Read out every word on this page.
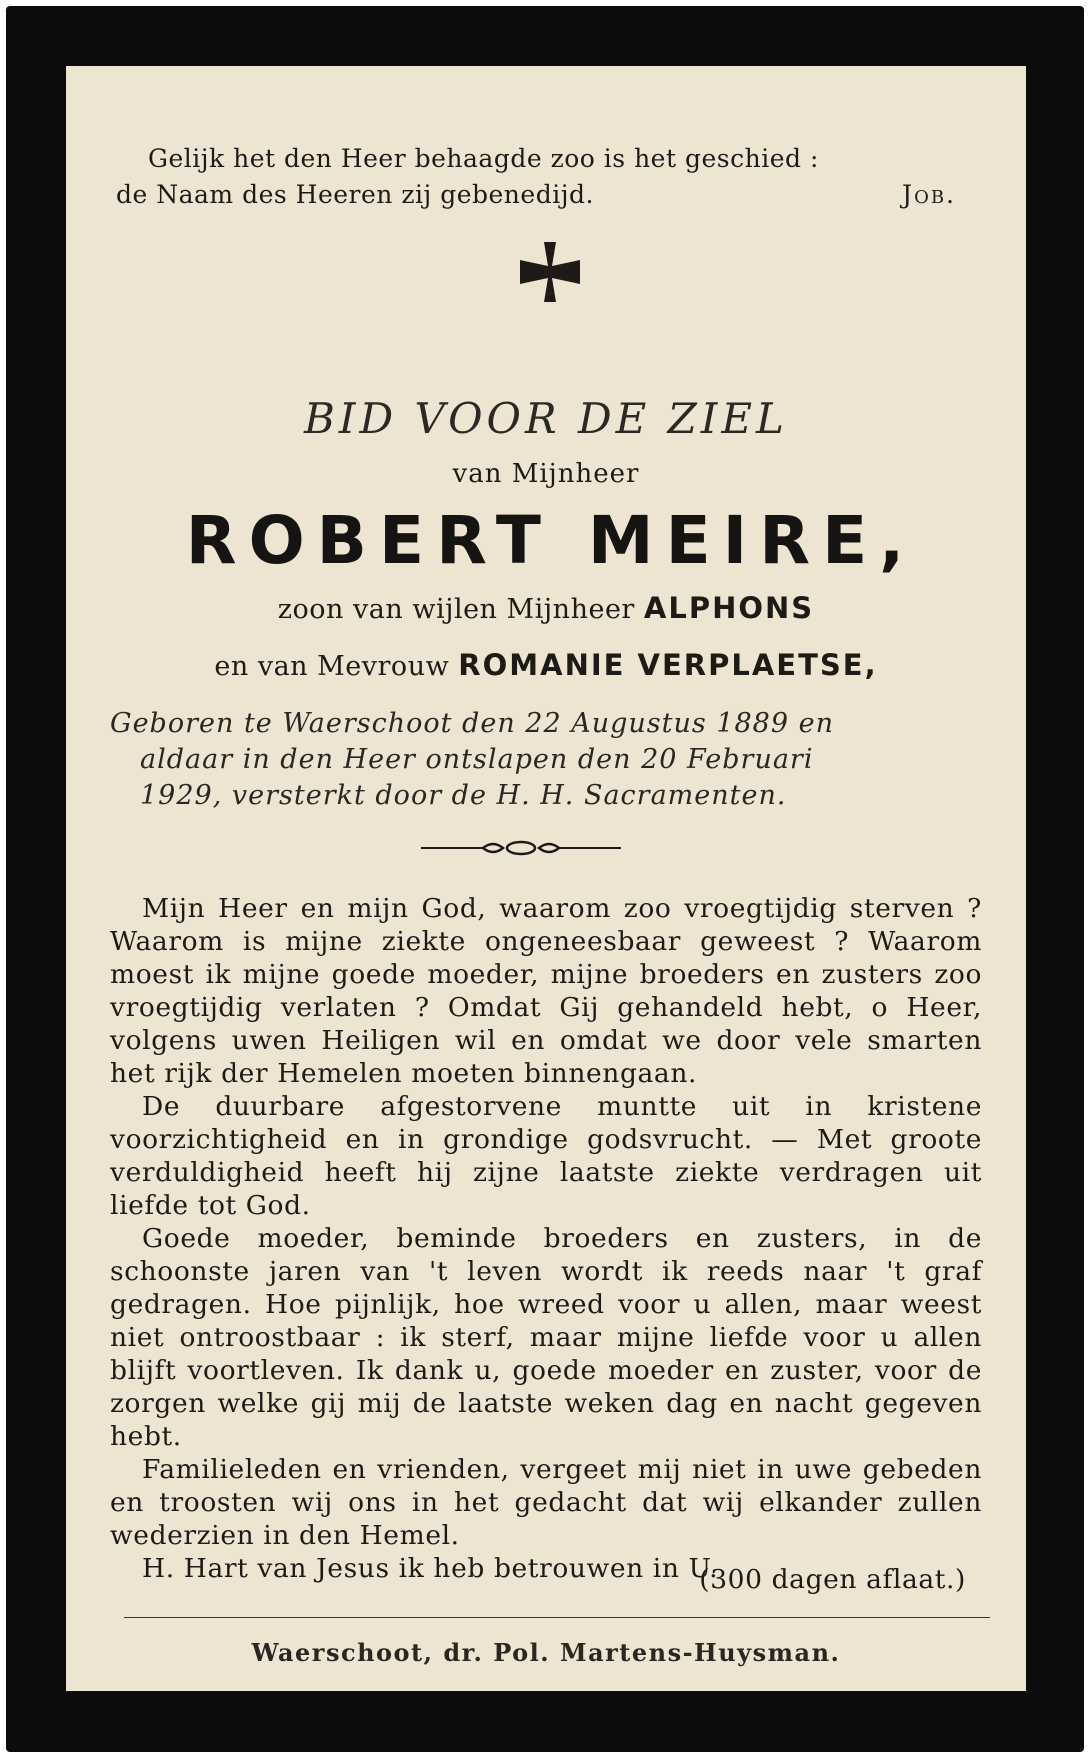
Gelijk het den Heer behaagde zoo is het geschied :
de Naam des Heeren zij gebenedijd.	Job.
BID VOOR DE ZIEL
van Mijnheer
ROBERT MEIRE,
zoon van wijlen Mijnheer ALPHONS
en van Mevrouw ROMANIE VERPLAETSE,
Geboren te Waerschoot den 22 Augustus 1889 en
aldaar in den Heer ontslapen den 20 Februari
1929, versterkt door de H. H. Sacramenten.

Mijn Heer en mijn God, waarom zoo vroegtijdig sterven ? Waarom is mijne ziekte ongeneesbaar geweest ? Waarom moest ik mijne goede moeder, mijne broeders en zusters zoo vroegtijdig verlaten ? Omdat Gij gehandeld hebt, o Heer, volgens uwen Heiligen wil en omdat we door vele smarten het rijk der Hemelen moeten binnengaan.

De duurbare afgestorvene muntte uit in kristene voorzichtigheid en in grondige godsvrucht. — Met groote verduldigheid heeft hij zijne laatste ziekte verdragen uit liefde tot God.

Goede moeder, beminde broeders en zusters, in de schoonste jaren van 't leven wordt ik reeds naar 't graf gedragen. Hoe pijnlijk, hoe wreed voor u allen, maar weest niet ontroostbaar : ik sterf, maar mijne liefde voor u allen blijft voortleven. Ik dank u, goede moeder en zuster, voor de zorgen welke gij mij de laatste weken dag en nacht gegeven hebt.

Familieleden en vrienden, vergeet mij niet in uwe gebeden en troosten wij ons in het gedacht dat wij elkander zullen wederzien in den Hemel.

H. Hart van Jesus ik heb betrouwen in U.

(300 dagen aflaat.)
Waerschoot, dr. Pol. Martens-Huysman.
